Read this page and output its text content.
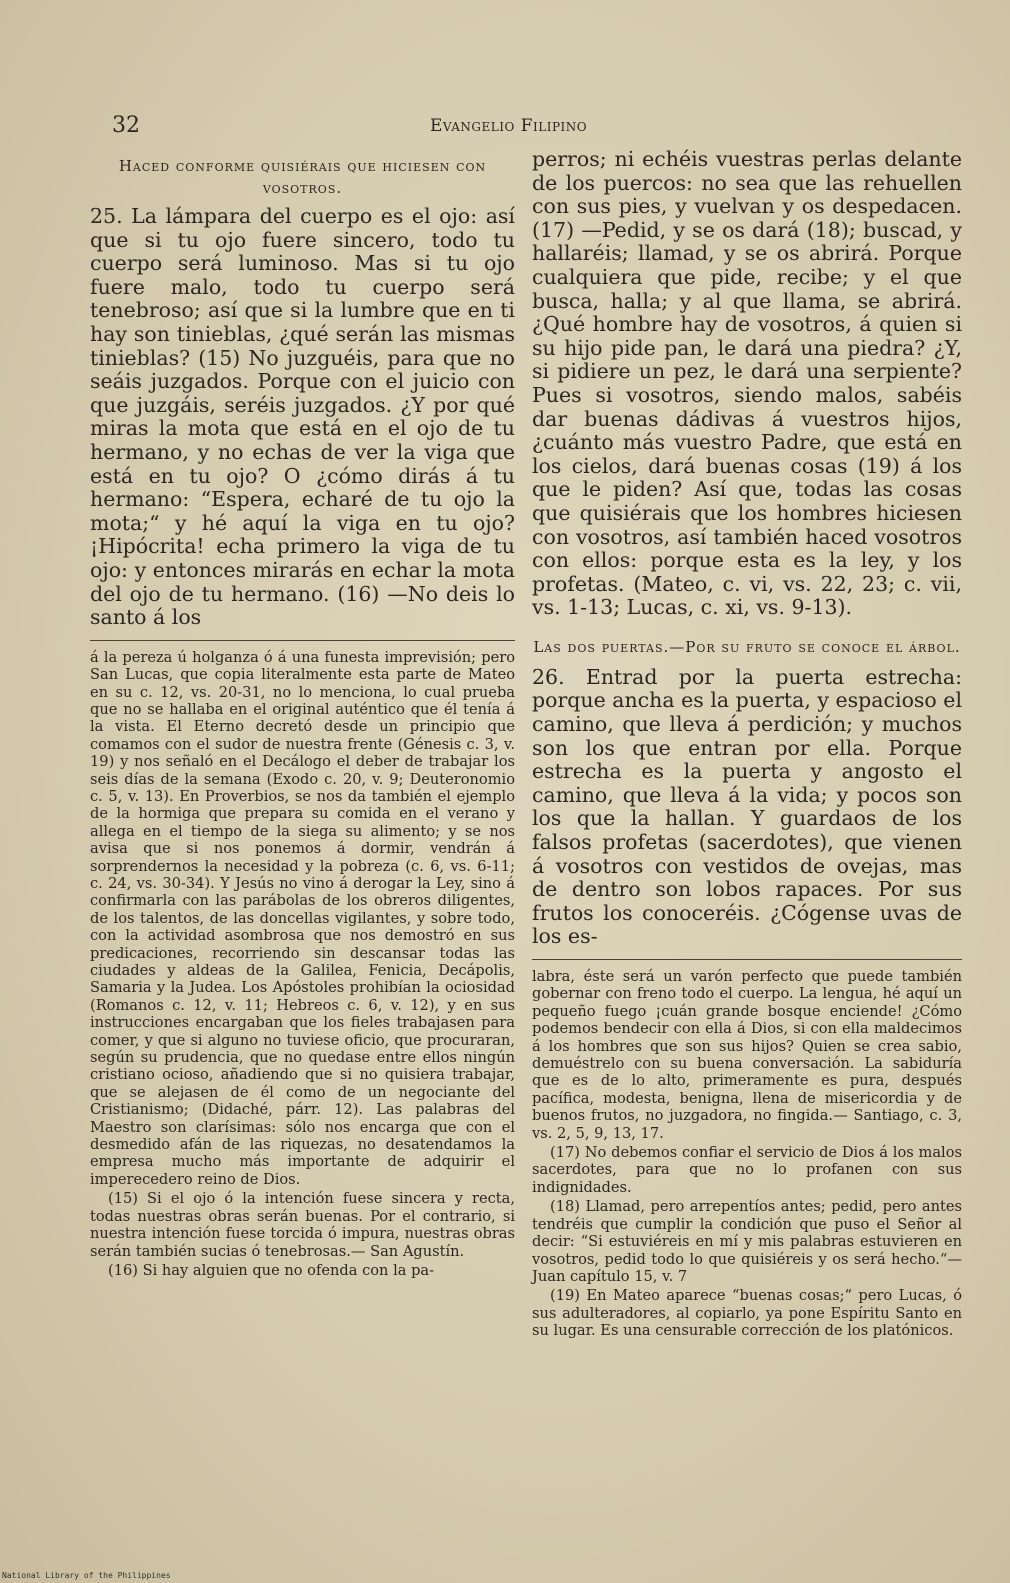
32	Evangelio Filipino
Haced conforme quisiérais que hiciesen con vosotros.

25. La lámpara del cuerpo es el ojo: así que si tu ojo fuere sincero, todo tu cuerpo será luminoso. Mas si tu ojo fuere malo, todo tu cuerpo será tenebroso; así que si la lumbre que en ti hay son tinieblas, ¿qué serán las mismas tinieblas? (15) No juzguéis, para que no seáis juzgados. Porque con el juicio con que juzgáis, seréis juzgados. ¿Y por qué miras la mota que está en el ojo de tu hermano, y no echas de ver la viga que está en tu ojo? O ¿cómo dirás á tu hermano: “Espera, echaré de tu ojo la mota;“ y hé aquí la viga en tu ojo? ¡Hipócrita! echa primero la viga de tu ojo: y entonces mirarás en echar la mota del ojo de tu hermano. (16) —No deis lo santo á los

á la pereza ú holganza ó á una funesta imprevisión; pero San Lucas, que copia literalmente esta parte de Mateo en su c. 12, vs. 20-31, no lo menciona, lo cual prueba que no se hallaba en el original auténtico que él tenía á la vista. El Eterno decretó desde un principio que comamos con el sudor de nuestra frente (Génesis c. 3, v. 19) y nos señaló en el Decálogo el deber de trabajar los seis días de la semana (Exodo c. 20, v. 9; Deuteronomio c. 5, v. 13). En Proverbios, se nos da también el ejemplo de la hormiga que prepara su comida en el verano y allega en el tiempo de la siega su alimento; y se nos avisa que si nos ponemos á dormir, vendrán á sorprendernos la necesidad y la pobreza (c. 6, vs. 6-11; c. 24, vs. 30-34). Y Jesús no vino á derogar la Ley, sino á confirmarla con las parábolas de los obreros diligentes, de los talentos, de las doncellas vigilantes, y sobre todo, con la actividad asombrosa que nos demostró en sus predicaciones, recorriendo sin descansar todas las ciudades y aldeas de la Galilea, Fenicia, Decápolis, Samaria y la Judea. Los Apóstoles prohibían la ociosidad (Romanos c. 12, v. 11; Hebreos c. 6, v. 12), y en sus instrucciones encargaban que los fieles trabajasen para comer, y que si alguno no tuviese oficio, que procuraran, según su prudencia, que no quedase entre ellos ningún cristiano ocioso, añadiendo que si no quisiera trabajar, que se alejasen de él como de un negociante del Cristianismo; (Didaché, párr. 12). Las palabras del Maestro son clarísimas: sólo nos encarga que con el desmedido afán de las riquezas, no desatendamos la empresa mucho más importante de adquirir el imperecedero reino de Dios.

(15) Si el ojo ó la intención fuese sincera y recta, todas nuestras obras serán buenas. Por el contrario, si nuestra intención fuese torcida ó impura, nuestras obras serán también sucias ó tenebrosas.— San Agustín.

(16) Si hay alguien que no ofenda con la pa-

perros; ni echéis vuestras perlas delante de los puercos: no sea que las rehuellen con sus pies, y vuelvan y os despedacen. (17) —Pedid, y se os dará (18); buscad, y hallaréis; llamad, y se os abrirá. Porque cualquiera que pide, recibe; y el que busca, halla; y al que llama, se abrirá. ¿Qué hombre hay de vosotros, á quien si su hijo pide pan, le dará una piedra? ¿Y, si pidiere un pez, le dará una serpiente? Pues si vosotros, siendo malos, sabéis dar buenas dádivas á vuestros hijos, ¿cuánto más vuestro Padre, que está en los cielos, dará buenas cosas (19) á los que le piden? Así que, todas las cosas que quisiérais que los hombres hiciesen con vosotros, así también haced vosotros con ellos: porque esta es la ley, y los profetas. (Mateo, c. vi, vs. 22, 23; c. vii, vs. 1-13; Lucas, c. xi, vs. 9-13).

Las dos puertas.—Por su fruto se conoce el árbol.

26. Entrad por la puerta estrecha: porque ancha es la puerta, y espacioso el camino, que lleva á perdición; y muchos son los que entran por ella. Porque estrecha es la puerta y angosto el camino, que lleva á la vida; y pocos son los que la hallan. Y guardaos de los falsos profetas (sacerdotes), que vienen á vosotros con vestidos de ovejas, mas de dentro son lobos rapaces. Por sus frutos los conoceréis. ¿Cógense uvas de los es-

labra, éste será un varón perfecto que puede también gobernar con freno todo el cuerpo. La lengua, hé aquí un pequeño fuego ¡cuán grande bosque enciende! ¿Cómo podemos bendecir con ella á Dios, si con ella maldecimos á los hombres que son sus hijos? Quien se crea sabio, demuéstrelo con su buena conversación. La sabiduría que es de lo alto, primeramente es pura, después pacífica, modesta, benigna, llena de misericordia y de buenos frutos, no juzgadora, no fingida.— Santiago, c. 3, vs. 2, 5, 9, 13, 17.

(17) No debemos confiar el servicio de Dios á los malos sacerdotes, para que no lo profanen con sus indignidades.

(18) Llamad, pero arrepentíos antes; pedid, pero antes tendréis que cumplir la condición que puso el Señor al decir: “Si estuviéreis en mí y mis palabras estuvieren en vosotros, pedid todo lo que quisiéreis y os será hecho.“—Juan capítulo 15, v. 7

(19) En Mateo aparece “buenas cosas;“ pero Lucas, ó sus adulteradores, al copiarlo, ya pone Espíritu Santo en su lugar. Es una censurable corrección de los platónicos.

National Library of the Philippines
